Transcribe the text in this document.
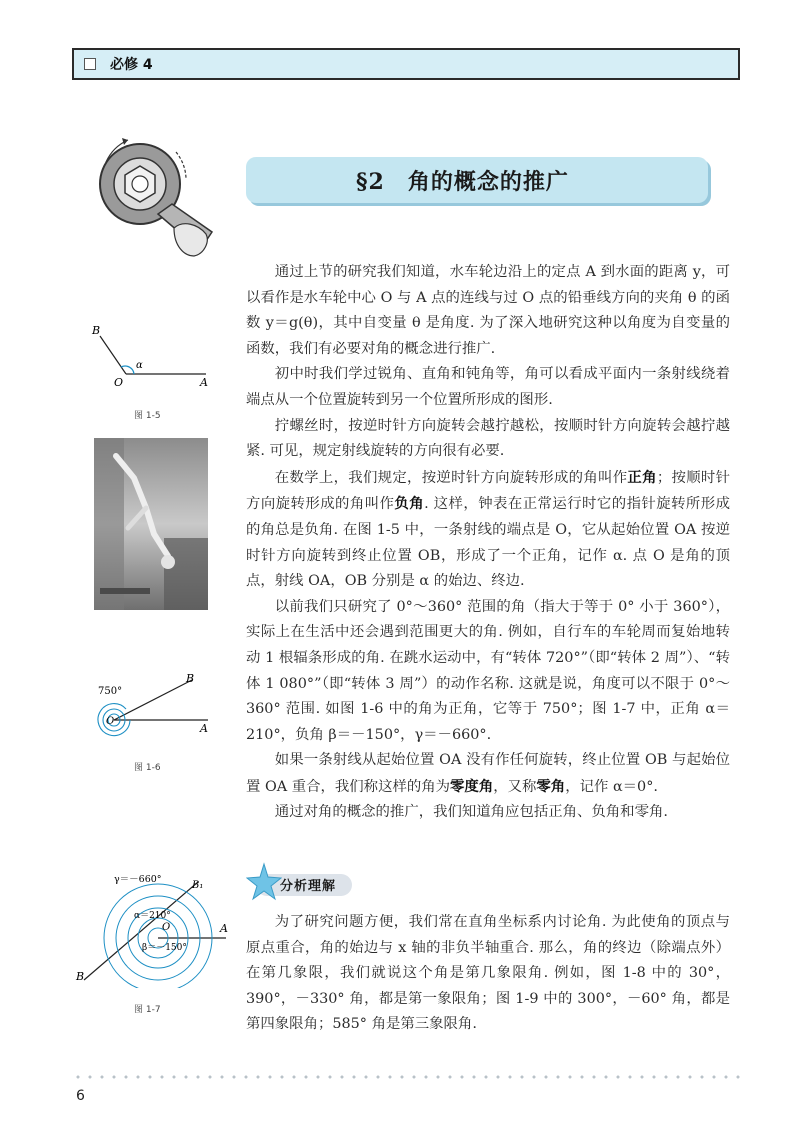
必修 4
B
O	A
α
图 1-5
750°
B
O
A
图 1-6
γ＝－660°
B₁
α＝210°
O
β＝－150°
A
B
图 1-7
§2　角的概念的推广

通过上节的研究我们知道，水车轮边沿上的定点 A 到水面的距离 y，可以看作是水车轮中心 O 与 A 点的连线与过 O 点的铅垂线方向的夹角 θ 的函数 y＝g(θ)，其中自变量 θ 是角度. 为了深入地研究这种以角度为自变量的函数，我们有必要对角的概念进行推广.

初中时我们学过锐角、直角和钝角等，角可以看成平面内一条射线绕着端点从一个位置旋转到另一个位置所形成的图形.

拧螺丝时，按逆时针方向旋转会越拧越松，按顺时针方向旋转会越拧越紧. 可见，规定射线旋转的方向很有必要.

在数学上，我们规定，按逆时针方向旋转形成的角叫作正角；按顺时针方向旋转形成的角叫作负角. 这样，钟表在正常运行时它的指针旋转所形成的角总是负角. 在图 1-5 中，一条射线的端点是 O，它从起始位置 OA 按逆时针方向旋转到终止位置 OB，形成了一个正角，记作 α. 点 O 是角的顶点，射线 OA，OB 分别是 α 的始边、终边.

以前我们只研究了 0°～360° 范围的角（指大于等于 0° 小于 360°），实际上在生活中还会遇到范围更大的角. 例如，自行车的车轮周而复始地转动 1 根辐条形成的角. 在跳水运动中，有“转体 720°”（即“转体 2 周”）、“转体 1 080°”（即“转体 3 周”）的动作名称. 这就是说，角度可以不限于 0°～360° 范围. 如图 1-6 中的角为正角，它等于 750°；图 1-7 中，正角 α＝210°，负角 β＝－150°，γ＝－660°.

如果一条射线从起始位置 OA 没有作任何旋转，终止位置 OB 与起始位置 OA 重合，我们称这样的角为零度角，又称零角，记作 α＝0°.

通过对角的概念的推广，我们知道角应包括正角、负角和零角.

分析理解

为了研究问题方便，我们常在直角坐标系内讨论角. 为此使角的顶点与原点重合，角的始边与 x 轴的非负半轴重合. 那么，角的终边（除端点外）在第几象限，我们就说这个角是第几象限角. 例如，图 1-8 中的 30°，390°，－330° 角，都是第一象限角；图 1-9 中的 300°，－60° 角，都是第四象限角；585° 角是第三象限角.

6
